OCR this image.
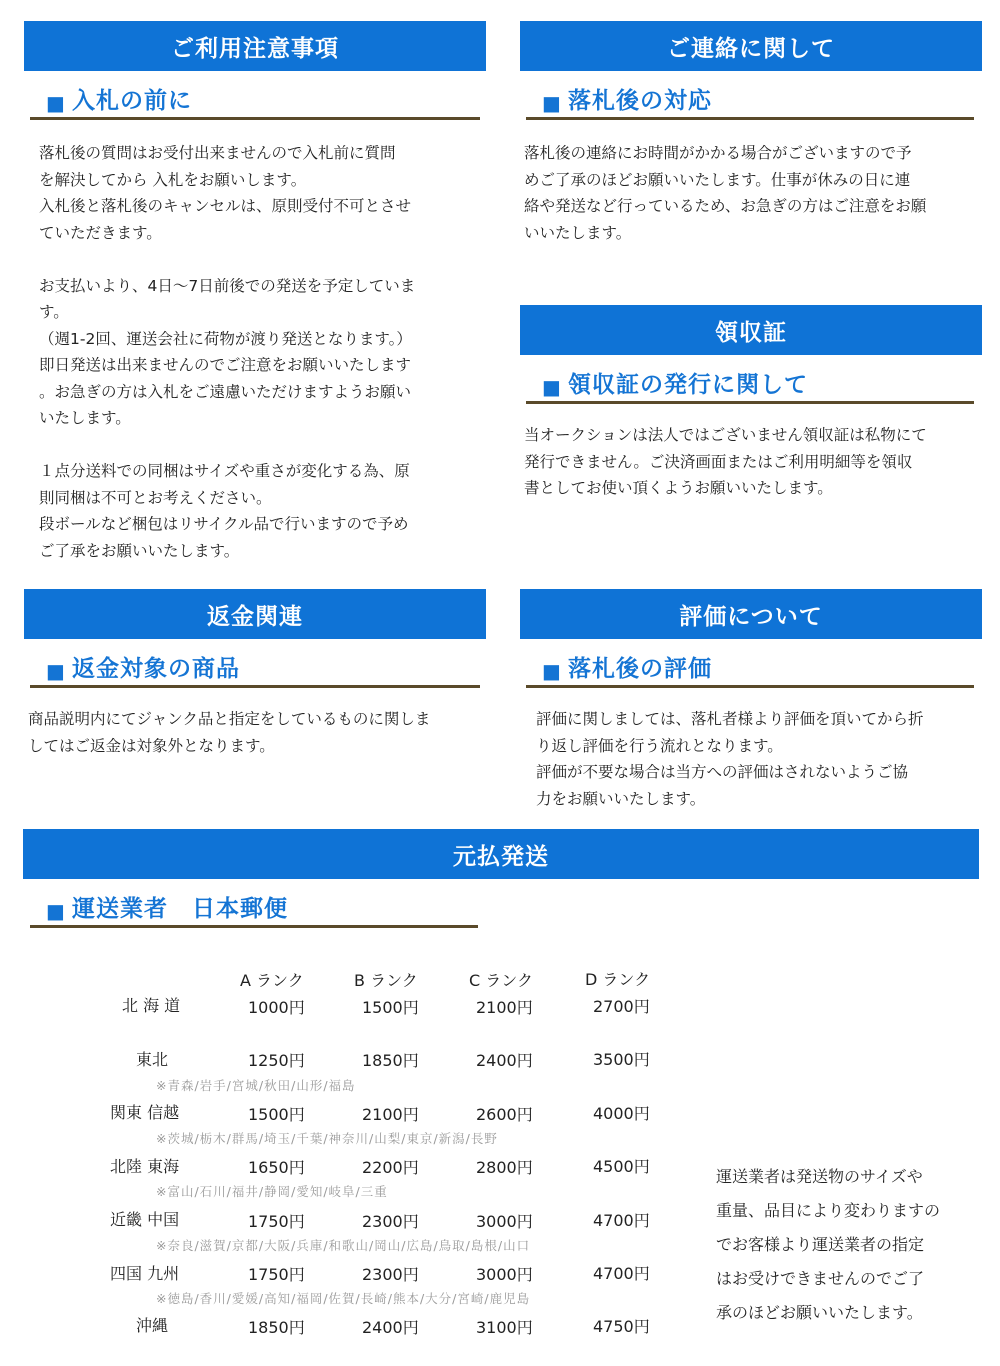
ご利用注意事項
■ 入札の前に

落札後の質問はお受付出来ませんので入札前に質問

を解決してから 入札をお願いします。

入札後と落札後のキャンセルは、原則受付不可とさせ

ていただきます。

お支払いより、4日～7日前後での発送を予定していま

す。

（週1-2回、運送会社に荷物が渡り発送となります。）

即日発送は出来ませんのでご注意をお願いいたします

。お急ぎの方は入札をご遠慮いただけますようお願い

いたします。

１点分送料での同梱はサイズや重さが変化する為、原

則同梱は不可とお考えください。

段ボールなど梱包はリサイクル品で行いますので予め

ご了承をお願いいたします。

ご連絡に関して
■ 落札後の対応

落札後の連絡にお時間がかかる場合がございますので予

めご了承のほどお願いいたします。仕事が休みの日に連

絡や発送など行っているため、お急ぎの方はご注意をお願

いいたします。

領収証
■ 領収証の発行に関して

当オークションは法人ではございません領収証は私物にて

発行できません。ご決済画面またはご利用明細等を領収

書としてお使い頂くようお願いいたします。

返金関連
■ 返金対象の商品

商品説明内にてジャンク品と指定をしているものに関しま

してはご返金は対象外となります。

評価について
■ 落札後の評価

評価に関しましては、落札者様より評価を頂いてから折

り返し評価を行う流れとなります。

評価が不要な場合は当方への評価はされないようご協

力をお願いいたします。

元払発送
■ 運送業者　日本郵便
A ランク	B ランク	C ランク	D ランク
北 海 道	1000円	1500円	2100円	2700円
東北	1250円	1850円	2400円	3500円
※青森/岩手/宮城/秋田/山形/福島
関東 信越	1500円	2100円	2600円	4000円
※茨城/栃木/群馬/埼玉/千葉/神奈川/山梨/東京/新潟/長野
北陸 東海	1650円	2200円	2800円	4500円
※富山/石川/福井/静岡/愛知/岐阜/三重
近畿 中国	1750円	2300円	3000円	4700円
※奈良/滋賀/京都/大阪/兵庫/和歌山/岡山/広島/鳥取/島根/山口
四国 九州	1750円	2300円	3000円	4700円
※徳島/香川/愛媛/高知/福岡/佐賀/長崎/熊本/大分/宮崎/鹿児島
沖縄	1850円	2400円	3100円	4750円

運送業者は発送物のサイズや

重量、品目により変わりますの

でお客様より運送業者の指定

はお受けできませんのでご了

承のほどお願いいたします。
